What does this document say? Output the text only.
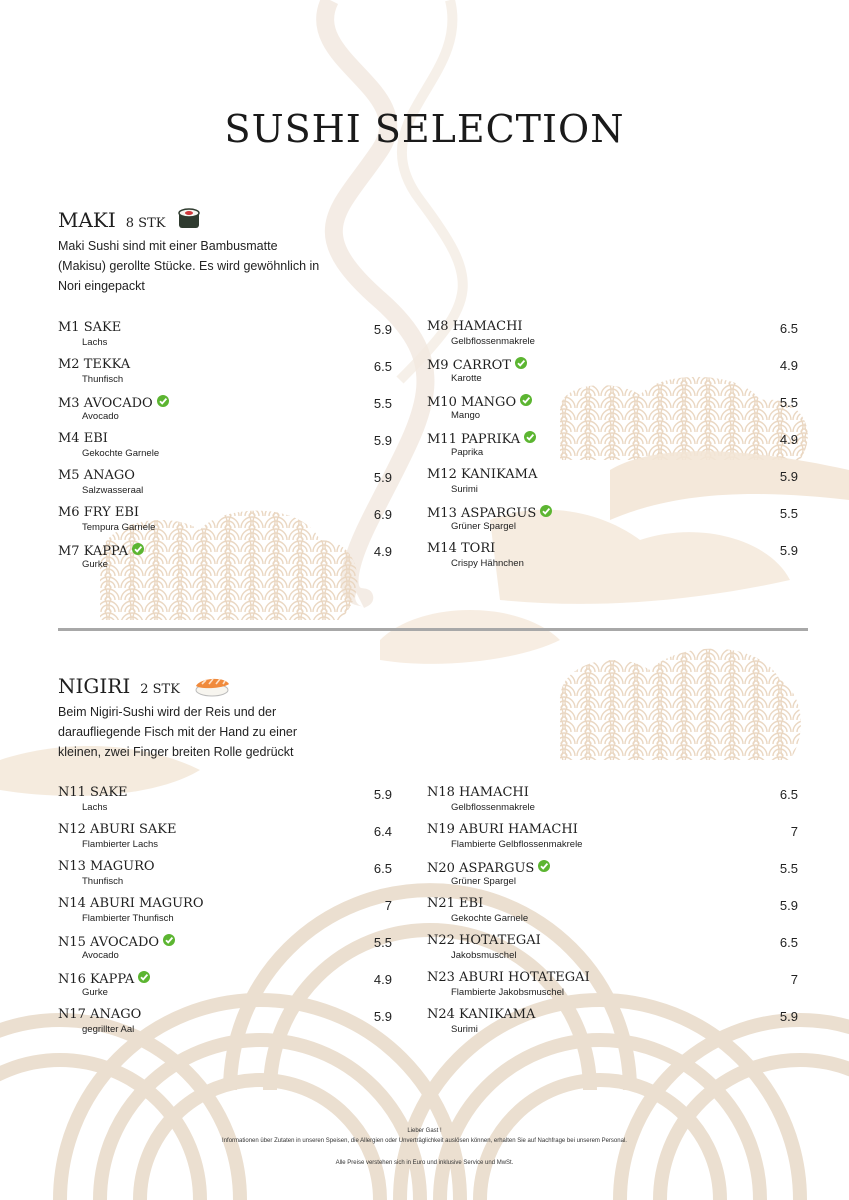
SUSHI SELECTION
MAKI 8 STK
Maki Sushi sind mit einer Bambusmatte
(Makisu) gerollte Stücke. Es wird gewöhnlich in
Nori eingepackt
M1 SAKE
Lachs
5.9
M2 TEKKA
Thunfisch
6.5
M3 AVOCADO
Avocado
5.5
M4 EBI
Gekochte Garnele
5.9
M5 ANAGO
Salzwasseraal
5.9
M6 FRY EBI
Tempura Garnele
6.9
M7 KAPPA
Gurke
4.9
M8 HAMACHI
Gelbflossenmakrele
6.5
M9 CARROT
Karotte
4.9
M10 MANGO
Mango
5.5
M11 PAPRIKA
Paprika
4.9
M12 KANIKAMA
Surimi
5.9
M13 ASPARGUS
Grüner Spargel
5.5
M14 TORI
Crispy Hähnchen
5.9
NIGIRI 2 STK
Beim Nigiri-Sushi wird der Reis und der
daraufliegende Fisch mit der Hand zu einer
kleinen, zwei Finger breiten Rolle gedrückt
N11 SAKE
Lachs
5.9
N12 ABURI SAKE
Flambierter Lachs
6.4
N13 MAGURO
Thunfisch
6.5
N14 ABURI MAGURO
Flambierter Thunfisch
7
N15 AVOCADO
Avocado
5.5
N16 KAPPA
Gurke
4.9
N17 ANAGO
gegrillter Aal
5.9
N18 HAMACHI
Gelbflossenmakrele
6.5
N19 ABURI HAMACHI
Flambierte Gelbflossenmakrele
7
N20 ASPARGUS
Grüner Spargel
5.5
N21 EBI
Gekochte Garnele
5.9
N22 HOTATEGAI
Jakobsmuschel
6.5
N23 ABURI HOTATEGAI
Flambierte Jakobsmuschel
7
N24 KANIKAMA
Surimi
5.9
Lieber Gast !
Informationen über Zutaten in unseren Speisen, die Allergien oder Unverträglichkeit auslösen können, erhalten Sie auf Nachfrage bei unserem Personal.
Alle Preise verstehen sich in Euro und inklusive Service und MwSt.
